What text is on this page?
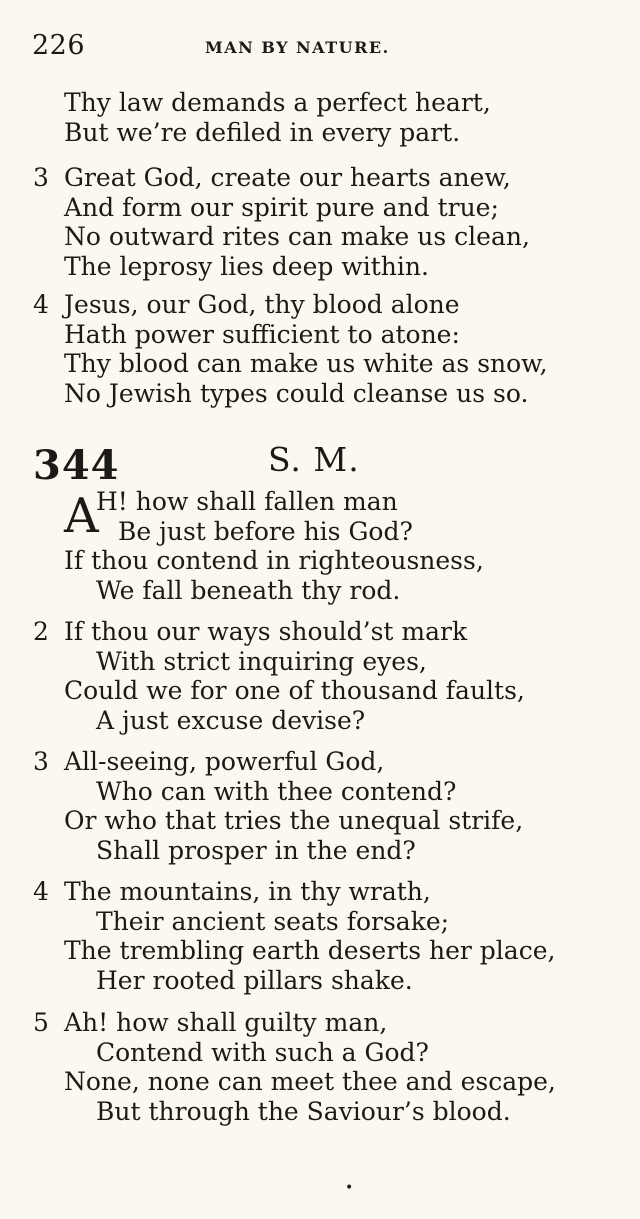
226	MAN BY NATURE.
Thy law demands a perfect heart,
But we’re defiled in every part.
3 Great God, create our hearts anew,
And form our spirit pure and true;
No outward rites can make us clean,
The leprosy lies deep within.
4 Jesus, our God, thy blood alone
Hath power sufficient to atone:
Thy blood can make us white as snow,
No Jewish types could cleanse us so.
344	S. M.
A
H! how shall fallen man
Be just before his God?
If thou contend in righteousness,
We fall beneath thy rod.
2 If thou our ways should’st mark
With strict inquiring eyes,
Could we for one of thousand faults,
A just excuse devise?
3 All-seeing, powerful God,
Who can with thee contend?
Or who that tries the unequal strife,
Shall prosper in the end?
4 The mountains, in thy wrath,
Their ancient seats forsake;
The trembling earth deserts her place,
Her rooted pillars shake.
5 Ah! how shall guilty man,
Contend with such a God?
None, none can meet thee and escape,
But through the Saviour’s blood.
•
